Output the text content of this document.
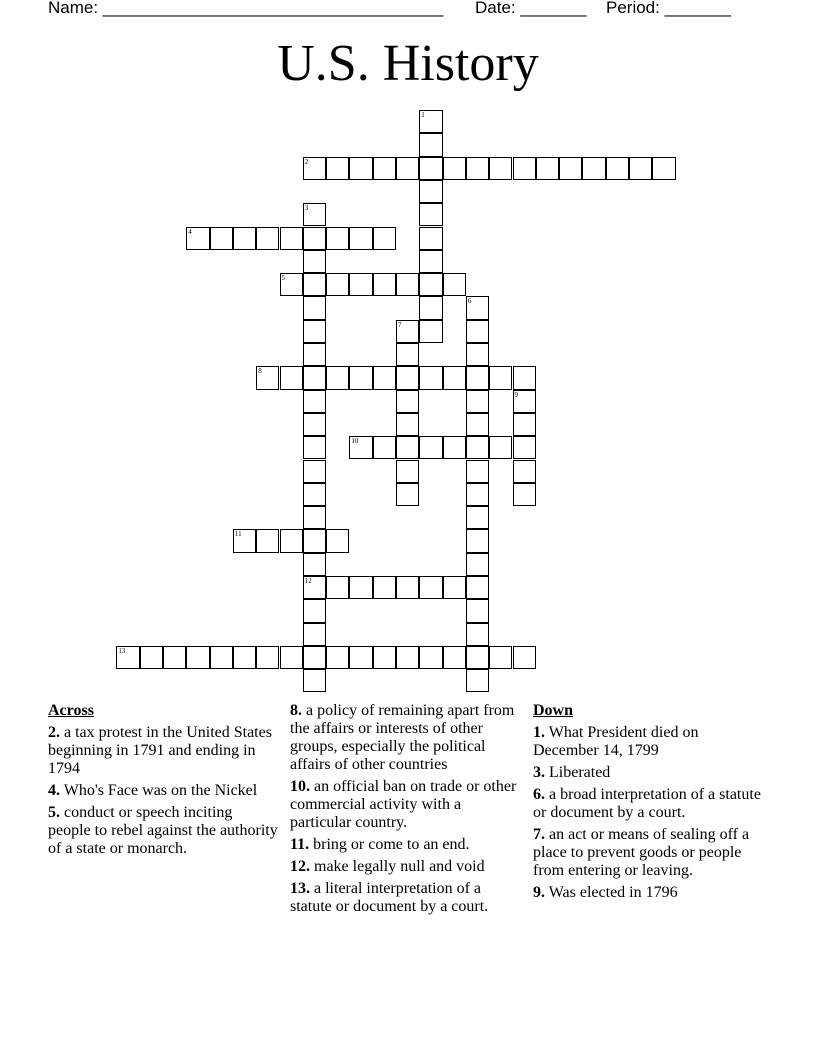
Name: ____________________________________ Date: _______ Period: _______
U.S. History
1
2
3
12
4
5
6
7
8
9
10
11
13
Across
2. a tax protest in the United States beginning in 1791 and ending in 1794
4. Who's Face was on the Nickel
5. conduct or speech inciting people to rebel against the authority of a state or monarch.
8. a policy of remaining apart from the affairs or interests of other groups, especially the political affairs of other countries
10. an official ban on trade or other commercial activity with a particular country.
11. bring or come to an end.
12. make legally null and void
13. a literal interpretation of a statute or document by a court.
Down
1. What President died on December 14, 1799
3. Liberated
6. a broad interpretation of a statute or document by a court.
7. an act or means of sealing off a place to prevent goods or people from entering or leaving.
9. Was elected in 1796
